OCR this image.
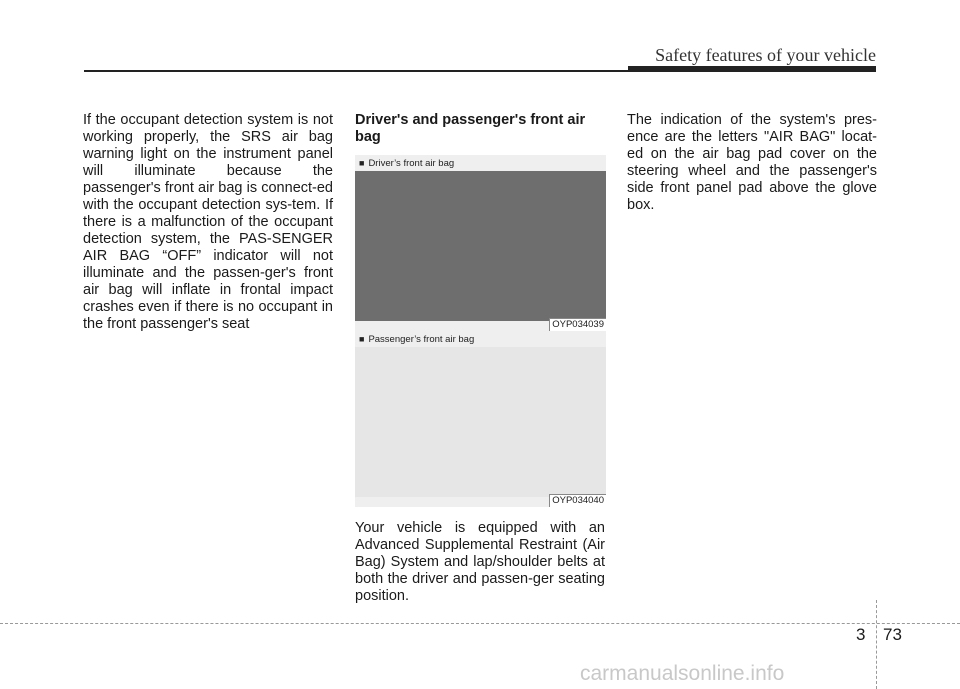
Safety features of your vehicle
If the occupant detection system is not working properly, the SRS air bag warning light on the instrument panel will illuminate because the passenger's front air bag is connect-ed with the occupant detection sys-tem. If there is a malfunction of the occupant detection system, the PAS-SENGER AIR BAG “OFF” indicator will not illuminate and the passen-ger's front air bag will inflate in frontal impact crashes even if there is no occupant in the front passenger's seat
Driver's and passenger's front air bag
■ Driver’s front air bag
OYP034039
■ Passenger’s front air bag
OYP034040
Your vehicle is equipped with an Advanced Supplemental Restraint (Air Bag) System and lap/shoulder belts at both the driver and passen-ger seating position.
The indication of the system's pres-ence are the letters "AIR BAG" locat-ed on the air bag pad cover on the steering wheel and the passenger's side front panel pad above the glove box.
3 73
carmanualsonline.info
